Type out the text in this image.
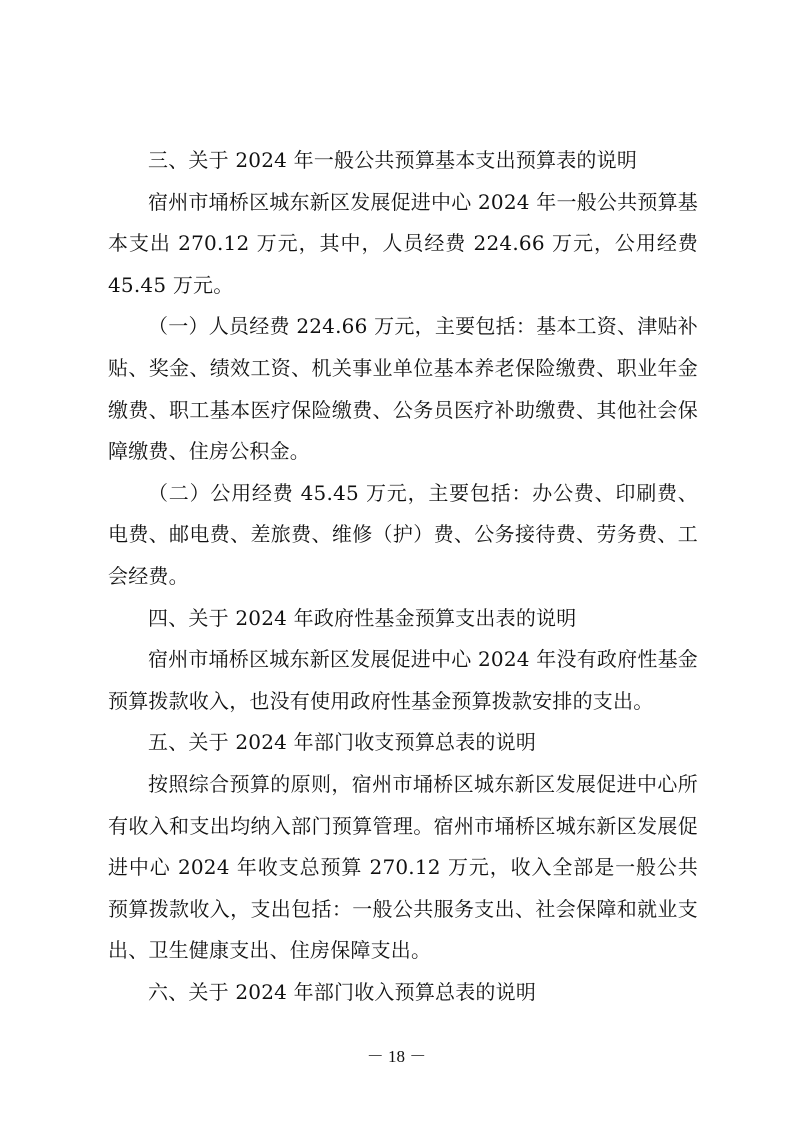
三、关于 2024 年一般公共预算基本支出预算表的说明

宿州市埇桥区城东新区发展促进中心 2024 年一般公共预算基本支出 270.12 万元，其中，人员经费 224.66 万元，公用经费 45.45 万元。

（一）人员经费 224.66 万元，主要包括：基本工资、津贴补贴、奖金、绩效工资、机关事业单位基本养老保险缴费、职业年金缴费、职工基本医疗保险缴费、公务员医疗补助缴费、其他社会保障缴费、住房公积金。

（二）公用经费 45.45 万元，主要包括：办公费、印刷费、电费、邮电费、差旅费、维修（护）费、公务接待费、劳务费、工会经费。

四、关于 2024 年政府性基金预算支出表的说明

宿州市埇桥区城东新区发展促进中心 2024 年没有政府性基金预算拨款收入，也没有使用政府性基金预算拨款安排的支出。

五、关于 2024 年部门收支预算总表的说明

按照综合预算的原则，宿州市埇桥区城东新区发展促进中心所有收入和支出均纳入部门预算管理。宿州市埇桥区城东新区发展促进中心 2024 年收支总预算 270.12 万元，收入全部是一般公共预算拨款收入，支出包括：一般公共服务支出、社会保障和就业支出、卫生健康支出、住房保障支出。

六、关于 2024 年部门收入预算总表的说明

－ 18 －
